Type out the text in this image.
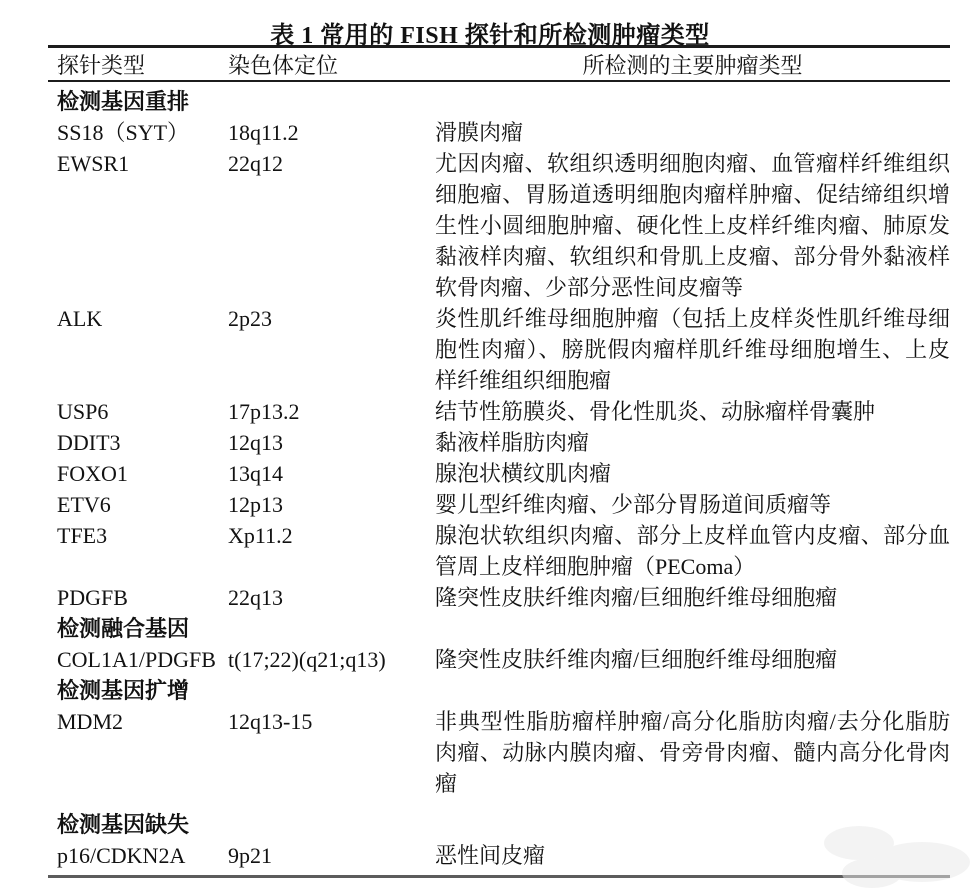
表 1 常用的 FISH 探针和所检测肿瘤类型
探针类型	染色体定位	所检测的主要肿瘤类型
检测基因重排
SS18（SYT）	18q11.2	滑膜肉瘤
EWSR1	22q12	尤因肉瘤、软组织透明细胞肉瘤、血管瘤样纤维组织细胞瘤、胃肠道透明细胞肉瘤样肿瘤、促结缔组织增生性小圆细胞肿瘤、硬化性上皮样纤维肉瘤、肺原发黏液样肉瘤、软组织和骨肌上皮瘤、部分骨外黏液样软骨肉瘤、少部分恶性间皮瘤等
ALK	2p23	炎性肌纤维母细胞肿瘤（包括上皮样炎性肌纤维母细胞性肉瘤）、膀胱假肉瘤样肌纤维母细胞增生、上皮样纤维组织细胞瘤
USP6	17p13.2	结节性筋膜炎、骨化性肌炎、动脉瘤样骨囊肿
DDIT3	12q13	黏液样脂肪肉瘤
FOXO1	13q14	腺泡状横纹肌肉瘤
ETV6	12p13	婴儿型纤维肉瘤、少部分胃肠道间质瘤等
TFE3	Xp11.2	腺泡状软组织肉瘤、部分上皮样血管内皮瘤、部分血管周上皮样细胞肿瘤（PEComa）
PDGFB	22q13	隆突性皮肤纤维肉瘤/巨细胞纤维母细胞瘤
检测融合基因
COL1A1/PDGFB t(17;22)(q21;q13)	隆突性皮肤纤维肉瘤/巨细胞纤维母细胞瘤
检测基因扩增
MDM2	12q13-15	非典型性脂肪瘤样肿瘤/高分化脂肪肉瘤/去分化脂肪肉瘤、动脉内膜肉瘤、骨旁骨肉瘤、髓内高分化骨肉瘤
检测基因缺失
p16/CDKN2A	9p21	恶性间皮瘤
